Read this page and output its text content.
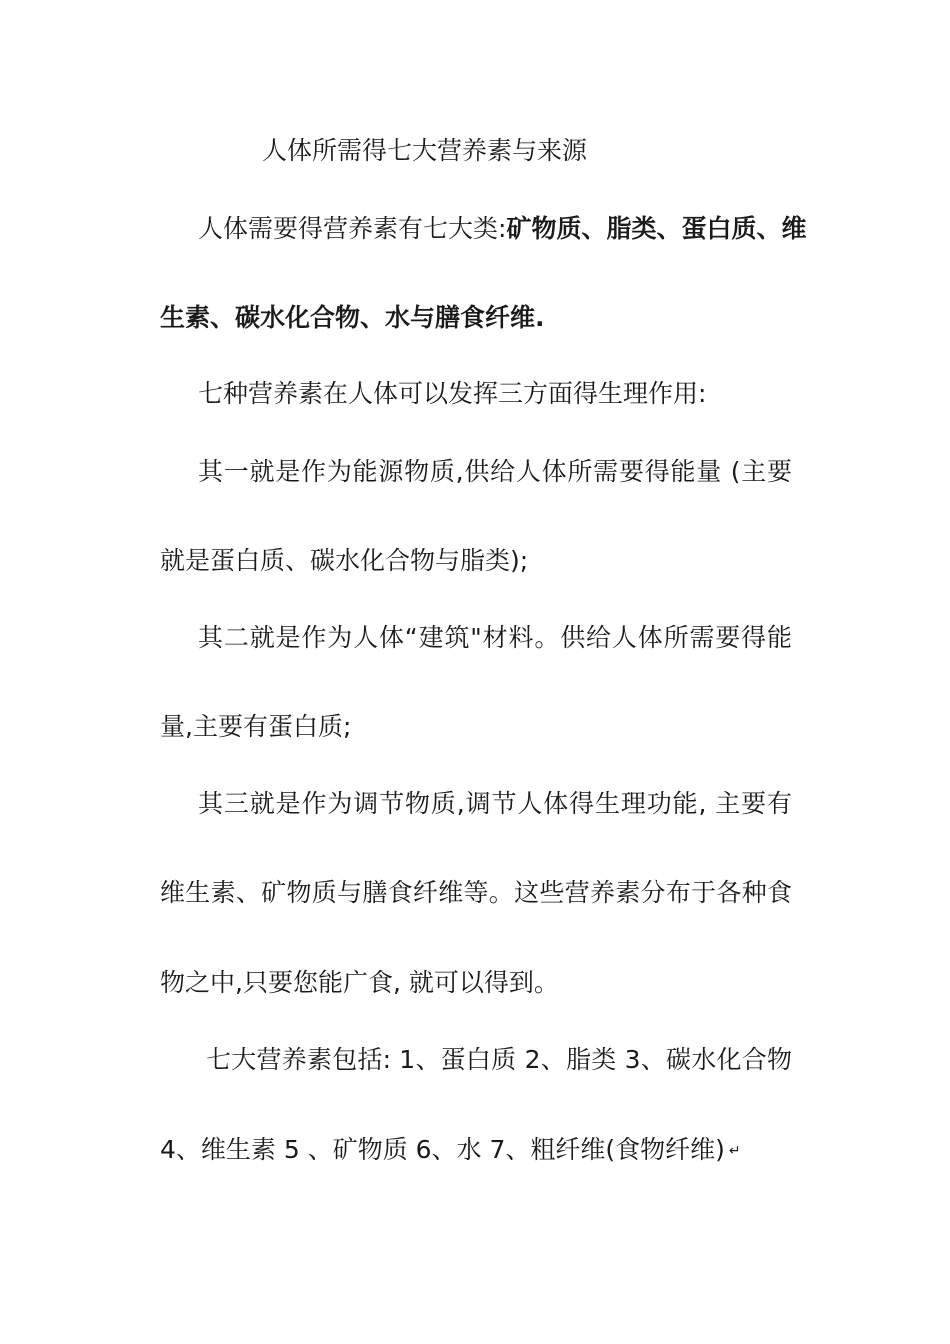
人体所需得七大营养素与来源
人体需要得营养素有七大类:矿物质、脂类、蛋白质、维
生素、碳水化合物、水与膳食纤维.
七种营养素在人体可以发挥三方面得生理作用:
其一就是作为能源物质,供给人体所需要得能量 (主要
就是蛋白质、碳水化合物与脂类);
其二就是作为人体“建筑"材料。供给人体所需要得能
量,主要有蛋白质;
其三就是作为调节物质,调节人体得生理功能, 主要有
维生素、矿物质与膳食纤维等。这些营养素分布于各种食
物之中,只要您能广食, 就可以得到。
七大营养素包括: 1、蛋白质 2、脂类 3、碳水化合物
4、维生素 5 、矿物质 6、水 7、粗纤维(食物纤维) ↵
